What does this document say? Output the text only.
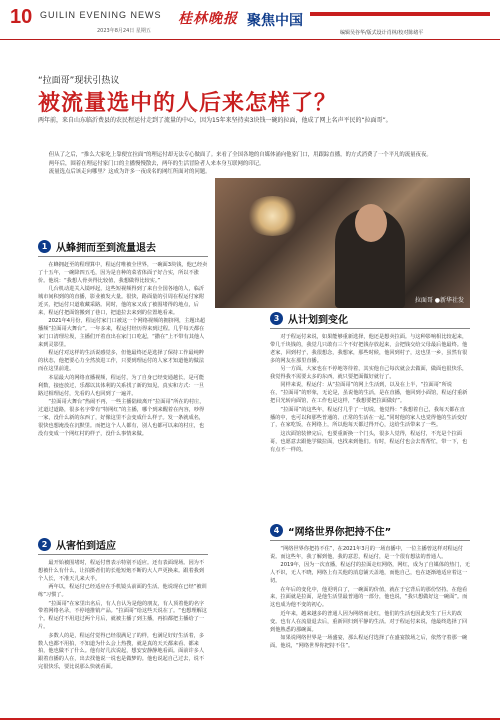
10 GUILIN EVENING NEWS
2023年8月24日 星期五
桂林晚报 聚焦中国
编辑吴谷华/版式设计肖林/校对陈绪平
“拉面哥”现状引热议
被流量选中的人后来怎样了？
两年前，来自山东临沂费县的农民程运付走到了流量的中心，因为15年来坚持卖3块钱一碗的拉面，他成了网上名声平民的“拉面哥”。

但从了之后，“推么大家吃上靠便宜拉面”的理运付却无法专心做面了。来看了全国各地的自媒体涌向他家门口，用跟踪直播，的方式消费了一个平凡的流量夜夜。

两年后，围着在理运付家门口的主播慢慢散去，两年的生活冒险者人来本身互联网的印记。

流量选点后该走向哪里？这成为许多一夜成名的网红所面对的问题。

拉面哥 ●新华社发
1 从蜂拥而至到流量退去

在蜂拥赶至的程理算中，程运付唯被全世界，一碗面3块钱，他已经卖了十五年，一碗降四五毛，因为是自种的菜省体面子好合实，所以不涨价。他说：“我想人骨卖得比较值，我想做得比较实。”

几台机动进关入镜呼起，这些短视频得到了来自全国各地的人，临沂城市间积到的的直播，影业被发大量。很快，路面量的引周在程运付家附近买，把运付只道收藏采路。同时，他的家又成了被围堵得的地点，后来，程运付把面馆搬到了巷口，把道拉去来到的位置地看来。

2021年4月份，程运付家门口被这一个网络视频的拥挤网，主题出超播频“拉面哥大舞台”。一年多来，程运付经历得来到过程。几乎每天都在家门口清理垃圾，主播们开着直出在家门口吃起，“撒在”上不带有其他人来到灵影里。

程运付对这样的生活说感觉多，但他最终还是选择了保持工作最纯粹的状态，他把要心力全然放进工作，只要到理运付的人家才知道他的做法而在这里前进。

本届最大的网络直播视频，程运付，为了自身已经变通越长，是可能利数，接连放过，乐都以其体利的关系找了新的知见。真实和方式：一旦路过相理运付，先看的人也回到了一遍并。

“拉面哥大舞台”热闹不再，一些主播陆续离开“拉面哥”所在的村庄，过道过道路，很多名字带有“特网红”的主播，哪个到来醒着在内容，吵得一家，没什么新的东西了，好像这里不会变成什么样子。发一条就成名，很快也想淹没在沉默里。而把这个人人都有，别人也都可以来的村庄，也没有变成一个网红村的样子，没什么事情来做。

2 从害怕到适应

最开始被围堵时，程运付曾表示特别不适应。还有表面现场。因为不想被什么有什么，让拍摄者们的长枪短炮不断的大人声更换来。跟着我到个人长，不准天儿来大半。

两年以，程运付已经适应在手机镜头前面的生活。他说现在已经“被训练”习惯了。

“拉面哥”在家里出名后，有人自认为是他的朋友，有人顶着他的名字带着网络名录，不停地推销产品。“拉面哥”给这些天说在了。“也想理解这个。程运付不用进过两个月后，就被主播了到主播，再拍都把主播给了一片。

多数人的是，程运付觉得已经很满足了的样，也满足好好生活着，多数人也都不用拍，不知道为什么会上热搜，就是真的天天都来看、都来拍，他也做不了什么。他有好几次说起，想安安静静地看面。面前许多人跟着直播的人在，出去找他说一说也是做梦的。他也说起自己过去，说不完很快乐，要比说那么快就看面。

3 从计划到变化

对于程运付来说，如果能够重新选择，他还是想卖拉面。与这种影响相比较起来，带几千块钱的，我觉几只敢有三个不好把钱存放起来，会把钱交给父母最后他最终。他老家，回到村子，我很想念，我想家，那些时候，他回到村子，这也里一乡，虽然有很多的网友在那里直播。

另一方面，大家也在不停地等待着，其实他自己每次就会去做面，做面也很快乐，我觉得我不需要太多的东西，就只要把面做好就行了。

同样来说，程运付：从“拉面哥”的网上生活到，以及在上半，“拉面哥”所说在，“拉面哥”的形象，无论是，虽说他的生活，是在直播，他回到小面馆，程运付重新把目光转向面馆，在工作也是这样，“我想要把拉面做好”。

“拉面哥”的这些年，程运付几乎了一切说，他觉得：“我想着自己，我每天都在直播的中，也可以和那些普通的、正常的生活在一起。”同时他的家人也觉得他的生活变好了，在家吃饭，在网络上，所以他每天都过得开心，这给生活带来了一些。

这次面馆装修完后，也要重新换一个门头，很多人觉得，程运付，不光是个拉面哥，也愿意去跟他学做拉面，也找来到他们。有时，程运付也会去帮帮忙，带一下，也有点不一样的。

4 “网络世界你把持不住”

“网络世界你把持不住”，在2021年3月的一场直播中，一位主播曾这样对程运付说。而这些年，我了解到他，我的意思，程运付，是一个很有想法的普通人。

2019年，因为一次直播，程运付的拉面走红网络，网红，成为了自媒体的热门，无人不识，无人不晓，网络上有关他的消息铺天盖地，而他自己，也在逐渐地适应着这一切。

在年后的变化中，他更明白了，一碗面的价值，就在于它背后的那份坚持。在他看来，拉面就是拉面，是他生活里最普通的一部分，他也说，“我只想做好这一碗面”。而这也成为他不变的初心。

近年来，越来越多的普通人因为网络而走红，他们的生活也因此发生了巨大的改变。也有人在流量退去后，重新回归到平静的生活。对于程运付来说，他最终选择了回到他熟悉的那碗面。

如果说网络世界是一场盛宴，那么程运付选择了在盛宴散场之后，依然守着那一碗面。他说，“网络世界你把持不住”。
